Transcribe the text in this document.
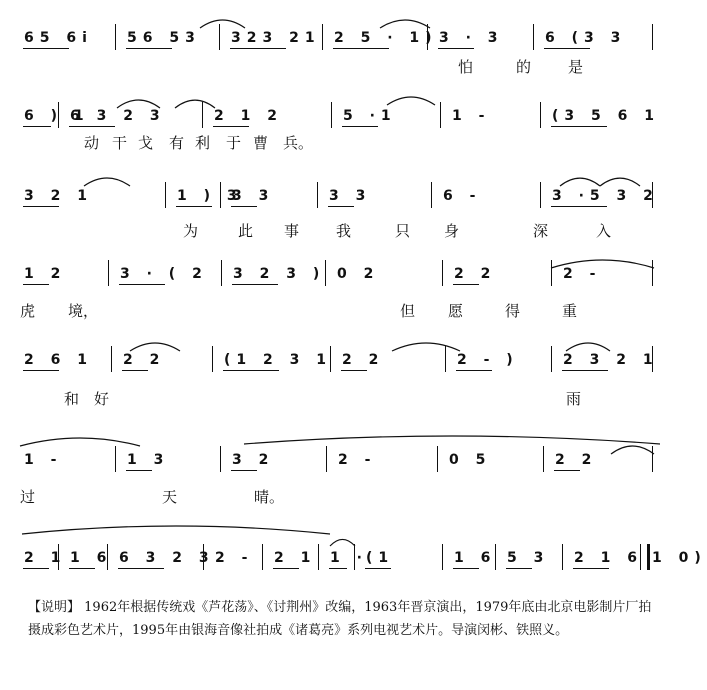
65 6i 56 53 323 21 2 5 · 1) 3 · 3	6 (3 3
怕	的 是
6 ) 1
6 3 2 3	2 1 2	5 ·1	1 -	(3 5 6 1
动 干 戈 有 利 于 曹 兵。
3 2 1	1 ) 3
3 3	3 3	6 -	3 ·5 3 2
为	此 事 我	只 身	深	入
1 2	3 · ( 2 3 2 3 ) 0 2	2 2	2 -
虎 境，	但 愿	得	重
2 6 1 2 2	(1 2 3 1 2 2	2 - )	2 3 2 1
和 好	雨
1 -	1 3	3 2	2 -	0 5	2 2
过	天	晴。
2 1 1 6 6 3 2 3 2 - 2 1 1 ·
(1	1 6 5 3 2 1 6 1 0)
【说明】 1962年根据传统戏《芦花荡》、《讨荆州》改编，1963年晋京演出，1979年底由北京电影制片厂拍摄成彩色艺术片，1995年由银海音像社拍成《诸葛亮》系列电视艺术片。导演闵彬、铁照义。
